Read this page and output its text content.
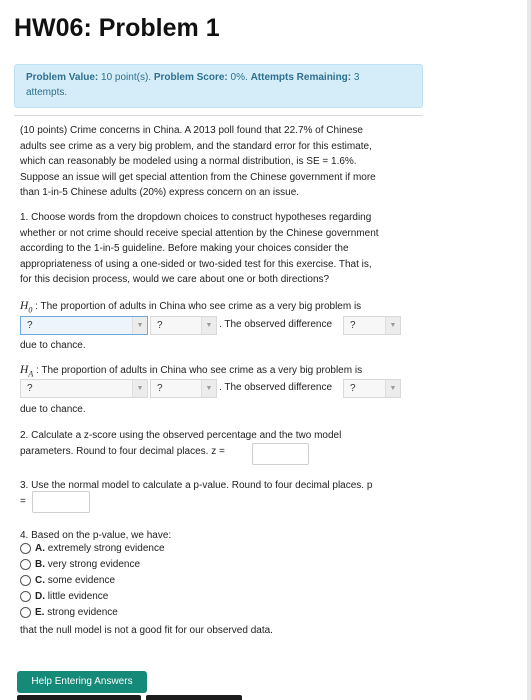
HW06: Problem 1
Problem Value: 10 point(s). Problem Score: 0%. Attempts Remaining: 3
attempts.
(10 points) Crime concerns in China. A 2013 poll found that 22.7% of Chinese
adults see crime as a very big problem, and the standard error for this estimate,
which can reasonably be modeled using a normal distribution, is SE = 1.6%.
Suppose an issue will get special attention from the Chinese government if more
than 1-in-5 Chinese adults (20%) express concern on an issue.
1. Choose words from the dropdown choices to construct hypotheses regarding
whether or not crime should receive special attention by the Chinese government
according to the 1-in-5 guideline. Before making your choices consider the
appropriateness of using a one-sided or two-sided test for this exercise. That is,
for this decision process, would we care about one or both directions?
$H_0$ : The proportion of adults in China who see crime as a very big problem is
?	▼	?	▼ . The observed difference	?	▼
due to chance.
$H_A$ : The proportion of adults in China who see crime as a very big problem is
?	▼	?	▼ . The observed difference	?	▼
due to chance.
2. Calculate a z-score using the observed percentage and the two model
parameters. Round to four decimal places. z =
3. Use the normal model to calculate a p-value. Round to four decimal places. p
=
4. Based on the p-value, we have:
A. extremely strong evidence
B. very strong evidence
C. some evidence
D. little evidence
E. strong evidence
that the null model is not a good fit for our observed data.
Help Entering Answers
